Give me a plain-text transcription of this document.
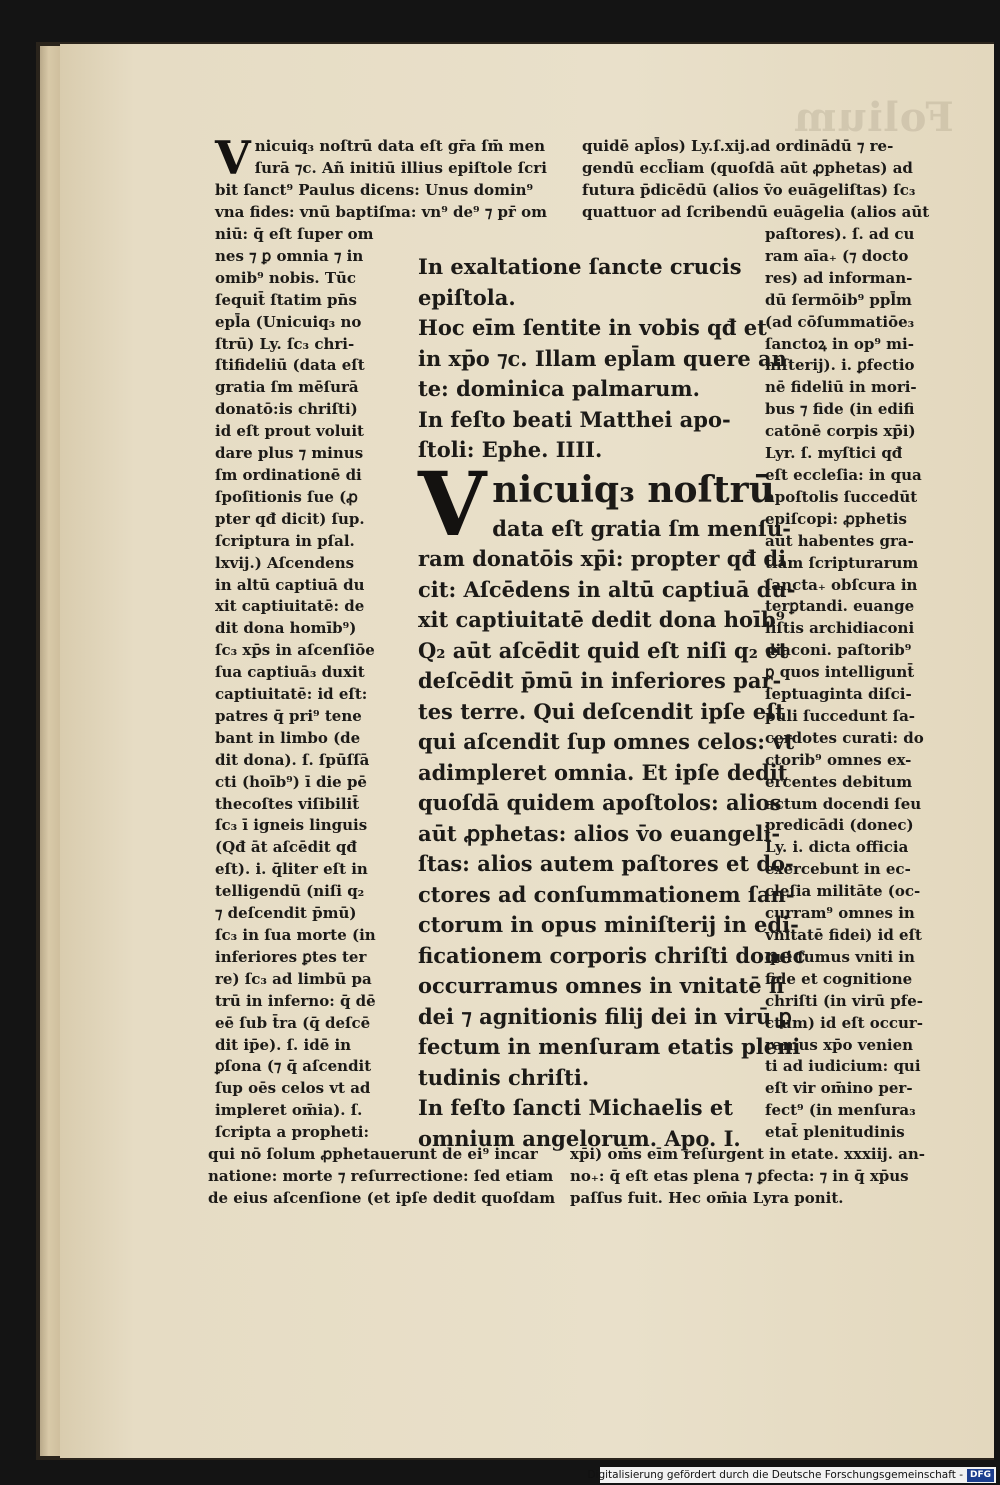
Folium
V nicuiq₃ noſtrū data eſt gr̄a ſm̄ men
ſurā ⁊c. Añ initiū illius epiſtole ſcri
bit ſanct⁹ Paulus dicens: Unus domin⁹
vna fides: vnū baptiſma: vn⁹ de⁹ ⁊ pr̄ om
quidē apl̄os) Ly.ſ.xij.ad ordinādū ⁊ re-
gendū eccl̄iam (quoſdā aūt ꝓphetas) ad
futura p̄dicēdū (alios v̄o euāgeliſtas) ſc₃
quattuor ad ſcribendū euāgelia (alios aūt
niū: q̄ eſt ſuper om
nes ⁊ ꝑ omnia ⁊ in
omib⁹ nobis. Tūc
ſequit̄ ſtatim pn̄s
epl̄a (Unicuiq₃ no
ſtrū) Ly. ſc₃ chri-
ſtifideliū (data eſt
gratia ſm mēſurā
donatō:is chriſti)
id eſt prout voluit
dare plus ⁊ minus
ſm ordinationē di
ſpoſitionis ſue (ꝓ
pter qđ dicit) ſup.
ſcriptura in pſal.
lxvij.) Aſcendens
in altū captiuā du
xit captiuitatē: de
dit dona homīb⁹)
ſc₃ xp̄s in aſcenſiōe
ſua captiuā₃ duxit
captiuitatē: id eſt:
patres q̄ pri⁹ tene
bant in limbo (de
dit dona). ſ. ſpūſſā
cti (hoīb⁹) ī die pē
thecoſtes viſibilit̄
ſc₃ ī igneis linguis
(Qđ āt aſcēdit qđ
eſt). i. q̄liter eſt in
telligendū (niſi q₂
⁊ deſcendit p̄mū)
ſc₃ in ſua morte (in
inferiores ꝑtes ter
re) ſc₃ ad limbū pa
trū in inferno: q̄ dē
eē ſub t̄ra (q̄ deſcē
dit ip̄e). ſ. idē in
ꝑſona (⁊ q̄ aſcendit
ſup oēs celos vt ad
impleret om̄ia). ſ.
ſcripta a propheti:
paſtores). ſ. ad cu
ram aīa₊ (⁊ docto
res) ad informan-
dū ſermōib⁹ ppl̄m
(ad cōſummatiōe₃
ſanctoꝝ in op⁹ mi-
niſterij). i. ꝑfectio
nē fideliū in mori-
bus ⁊ fide (in edifi
catōnē corpis xp̄i)
Lyr. ſ. myſtici qđ
eſt eccleſia: in qua
apoſtolis ſuccedūt
epiſcopi: ꝓphetis
aūt habentes gra-
tiam ſcripturarum
ſancta₊ obſcura in
terꝑtandi. euange
liſtis archidiaconi
diaconi. paſtorib⁹
ꝑ quos intelligunt̄
ſeptuaginta diſci-
puli ſuccedunt ſa-
cerdotes curati: do
ctorib⁹ omnes ex-
ercentes debitum
actum docendi ſeu
predicādi (donec)
Ly. i. dicta officia
exercebunt in ec-
cleſia militāte (oc-
curram⁹ omnes in
vnitatē fidei) id eſt
qui ſumus vniti in
fide et cognitione
chriſti (in virū pfe-
ctum) id eſt occur-
ramus xp̄o venien
ti ad iudicium: qui
eſt vir om̄ino per-
fect⁹ (in menſura₃
etat̄ plenitudinis
In exaltatione ſancte crucis
epiſtola.
Hoc eīm ſentite in vobis qđ et
in xp̄o ⁊c. Illam epl̄am quere an
te: dominica palmarum.
In feſto beati Matthei apo-
ſtoli: Ephe. IIII.
V nicuiq₃ noſtrū
data eſt gratia ſm menſu-
ram donatōis xp̄i: propter qđ di
cit: Aſcēdens in altū captiuā du-
xit captiuitatē dedit dona hoīb⁹
Q₂ aūt aſcēdit quid eſt niſi q₂ et
deſcēdit p̄mū in inferiores par-
tes terre. Qui deſcendit ipſe eſt
qui aſcendit ſup omnes celos: vt
adimpleret omnia. Et ipſe dedit
quoſdā quidem apoſtolos: alios
aūt ꝓphetas: alios v̄o euangeli-
ſtas: alios autem paſtores et do-
ctores ad conſummationem ſan-
ctorum in opus miniſterij in edi-
ficationem corporis chriſti donec
occurramus omnes in vnitatē fi
dei ⁊ agnitionis filij dei in virū ꝑ
fectum in menſuram etatis pleni
tudinis chriſti.
In feſto ſancti Michaelis et
omnium angelorum. Apo. I.
qui nō ſolum ꝓphetauerunt de ei⁹ incar
natione: morte ⁊ reſurrectione: ſed etiam
de eius aſcenſione (et ipſe dedit quoſdam
xp̄i) om̄s eīm reſurgent in etate. xxxiij. an-
no₊: q̄ eſt etas plena ⁊ ꝑfecta: ⁊ in q̄ xp̄us
paſſus fuit. Hec om̄ia Lyra ponit.
Digitalisierung gefördert durch die Deutsche Forschungsgemeinschaft - DFG
